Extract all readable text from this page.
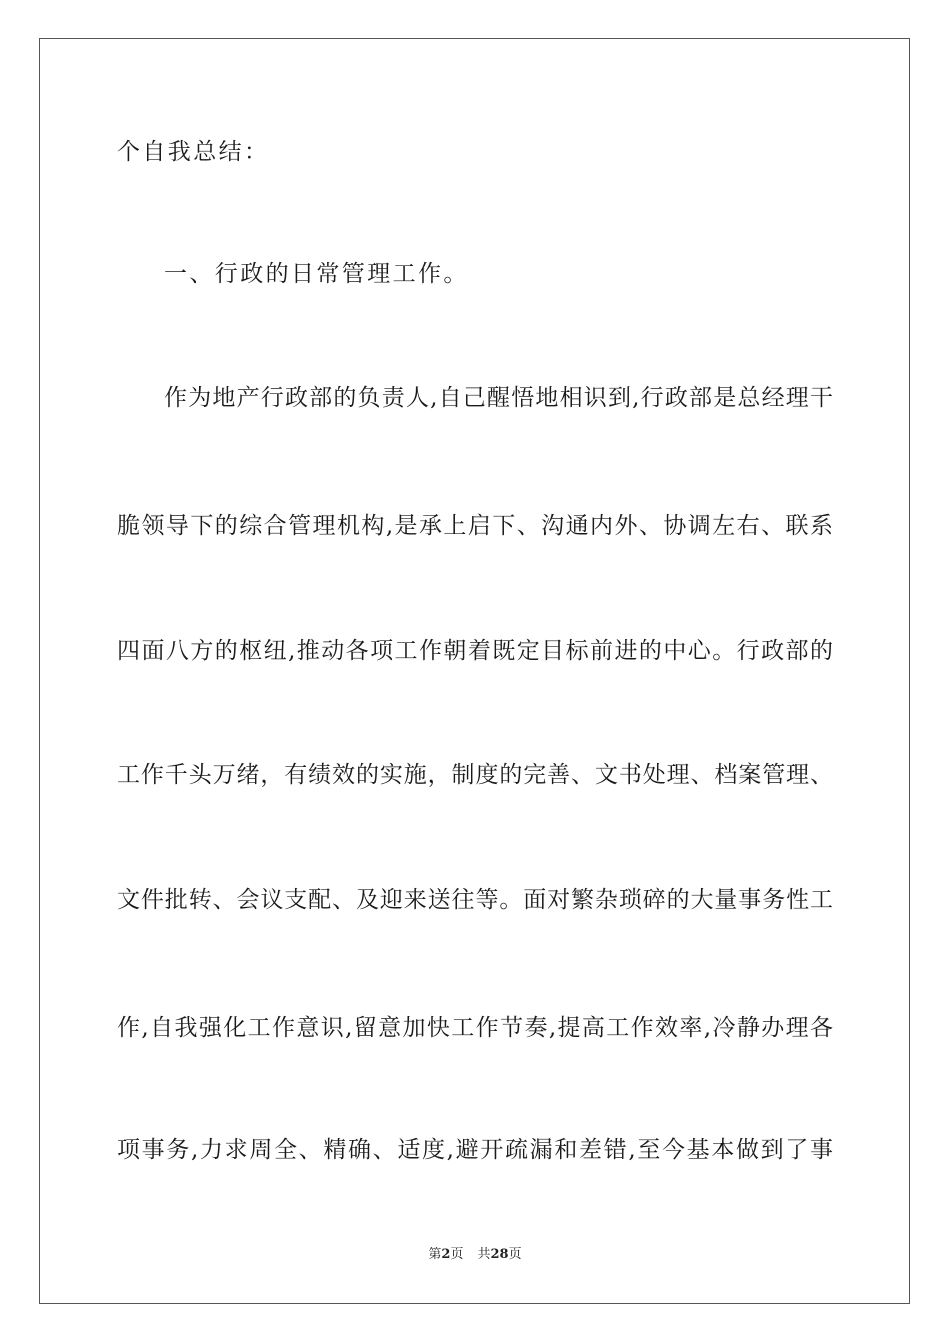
个自我总结：
一、行政的日常管理工作。
作为地产行政部的负责人,自己醒悟地相识到,行政部是总经理干
脆领导下的综合管理机构,是承上启下、沟通内外、协调左右、联系
四面八方的枢纽,推动各项工作朝着既定目标前进的中心。行政部的
工作千头万绪，有绩效的实施，制度的完善、文书处理、档案管理、
文件批转、会议支配、及迎来送往等。面对繁杂琐碎的大量事务性工
作,自我强化工作意识,留意加快工作节奏,提高工作效率,冷静办理各
项事务,力求周全、精确、适度,避开疏漏和差错,至今基本做到了事
第2页 共28页
